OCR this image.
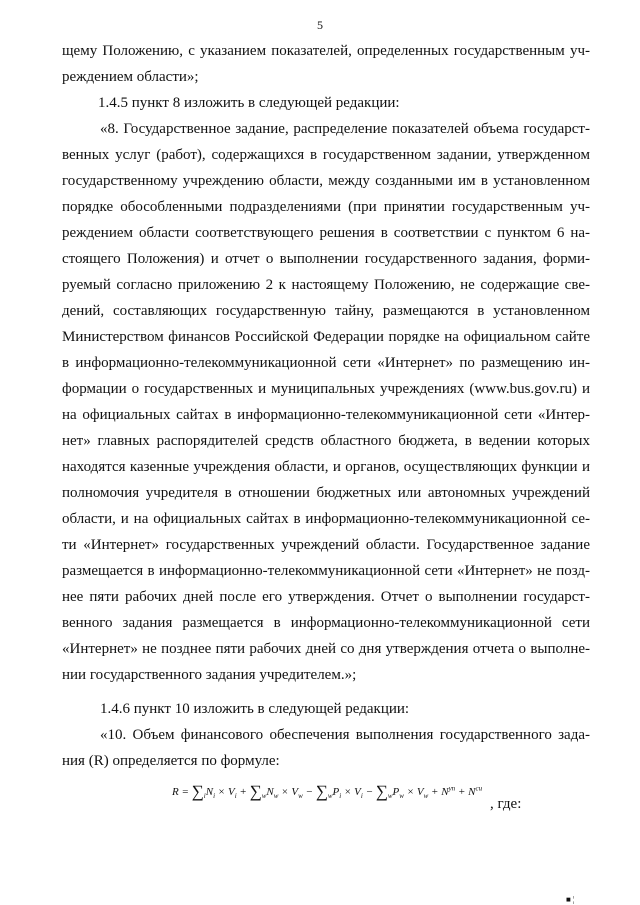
5
щему Положению, с указанием показателей, определенных государственным уч-
реждением области»;
1.4.5 пункт 8 изложить в следующей редакции:
«8. Государственное задание, распределение показателей объема государст-
венных услуг (работ), содержащихся в государственном задании, утвержденном
государственному учреждению области, между созданными им в установленном
порядке обособленными подразделениями (при принятии государственным уч-
реждением области соответствующего решения в соответствии с пунктом 6 на-
стоящего Положения) и отчет о выполнении государственного задания, форми-
руемый согласно приложению 2 к настоящему Положению, не содержащие све-
дений, составляющих государственную тайну, размещаются в установленном
Министерством финансов Российской Федерации порядке на официальном сайте
в информационно-телекоммуникационной сети «Интернет» по размещению ин-
формации о государственных и муниципальных учреждениях (www.bus.gov.ru) и
на официальных сайтах в информационно-телекоммуникационной сети «Интер-
нет» главных распорядителей средств областного бюджета, в ведении которых
находятся казенные учреждения области, и органов, осуществляющих функции и
полномочия учредителя в отношении бюджетных или автономных учреждений
области, и на официальных сайтах в информационно-телекоммуникационной се-
ти «Интернет» государственных учреждений области. Государственное задание
размещается в информационно-телекоммуникационной сети «Интернет» не позд-
нее пяти рабочих дней после его утверждения. Отчет о выполнении государст-
венного задания размещается в информационно-телекоммуникационной сети
«Интернет» не позднее пяти рабочих дней со дня утверждения отчета о выполне-
нии государственного задания учредителем.»;
1.4.6 пункт 10 изложить в следующей редакции:
«10. Объем финансового обеспечения выполнения государственного зада-
ния (R) определяется по формуле:
$R = \sum_iN_i \times V_i + \sum_wN_w \times V_w - \sum_wP_i \times V_i - \sum_wP_w \times V_w + N^{уп} + N^{си}$
, где:
■ ¦
